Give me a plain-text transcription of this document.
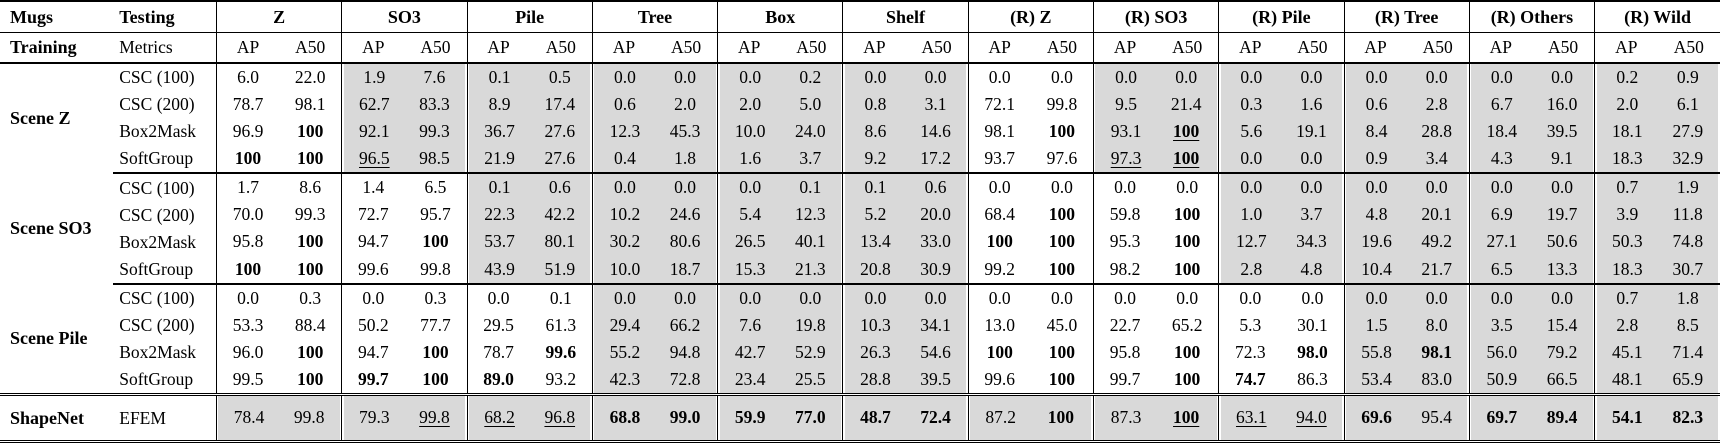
Mugs	Testing	Z	SO3	Pile	Tree	Box	Shelf	(R) Z	(R) SO3	(R) Pile	(R) Tree	(R) Others	(R) Wild
Training	Metrics	AP A50	AP A50	AP A50	AP A50	AP A50	AP A50	AP A50	AP A50	AP A50	AP A50	AP A50	AP A50

Scene Z	CSC (100)	6.0 22.0	1.9 7.6	0.1 0.5	0.0 0.0	0.0 0.2	0.0 0.0	0.0 0.0	0.0 0.0	0.0 0.0	0.0 0.0	0.0 0.0	0.2 0.9

	CSC (200)	78.7 98.1	62.7 83.3	8.9 17.4	0.6 2.0	2.0 5.0	0.8 3.1	72.1 99.8	9.5 21.4	0.3 1.6	0.6 2.8	6.7 16.0	2.0 6.1

	Box2Mask	96.9 100	92.1 99.3	36.7 27.6	12.3 45.3	10.0 24.0	8.6 14.6	98.1 100	93.1 100	5.6 19.1	8.4 28.8	18.4 39.5	18.1 27.9

	SoftGroup	100 100	96.5 98.5	21.9 27.6	0.4 1.8	1.6 3.7	9.2 17.2	93.7 97.6	97.3 100	0.0 0.0	0.9 3.4	4.3 9.1	18.3 32.9

Scene SO3	CSC (100)	1.7 8.6	1.4 6.5	0.1 0.6	0.0 0.0	0.0 0.1	0.1 0.6	0.0 0.0	0.0 0.0	0.0 0.0	0.0 0.0	0.0 0.0	0.7 1.9

	CSC (200)	70.0 99.3	72.7 95.7	22.3 42.2	10.2 24.6	5.4 12.3	5.2 20.0	68.4 100	59.8 100	1.0 3.7	4.8 20.1	6.9 19.7	3.9 11.8

	Box2Mask	95.8 100	94.7 100	53.7 80.1	30.2 80.6	26.5 40.1	13.4 33.0	100 100	95.3 100	12.7 34.3	19.6 49.2	27.1 50.6	50.3 74.8

	SoftGroup	100 100	99.6 99.8	43.9 51.9	10.0 18.7	15.3 21.3	20.8 30.9	99.2 100	98.2 100	2.8 4.8	10.4 21.7	6.5 13.3	18.3 30.7

Scene Pile	CSC (100)	0.0 0.3	0.0 0.3	0.0 0.1	0.0 0.0	0.0 0.0	0.0 0.0	0.0 0.0	0.0 0.0	0.0 0.0	0.0 0.0	0.0 0.0	0.7 1.8

	CSC (200)	53.3 88.4	50.2 77.7	29.5 61.3	29.4 66.2	7.6 19.8	10.3 34.1	13.0 45.0	22.7 65.2	5.3 30.1	1.5 8.0	3.5 15.4	2.8 8.5

	Box2Mask	96.0 100	94.7 100	78.7 99.6	55.2 94.8	42.7 52.9	26.3 54.6	100 100	95.8 100	72.3 98.0	55.8 98.1	56.0 79.2	45.1 71.4

	SoftGroup	99.5 100	99.7 100	89.0 93.2	42.3 72.8	23.4 25.5	28.8 39.5	99.6 100	99.7 100	74.7 86.3	53.4 83.0	50.9 66.5	48.1 65.9

ShapeNet	EFEM	78.4 99.8	79.3 99.8	68.2 96.8	68.8 99.0	59.9 77.0	48.7 72.4	87.2 100	87.3 100	63.1 94.0	69.6 95.4	69.7 89.4	54.1 82.3
